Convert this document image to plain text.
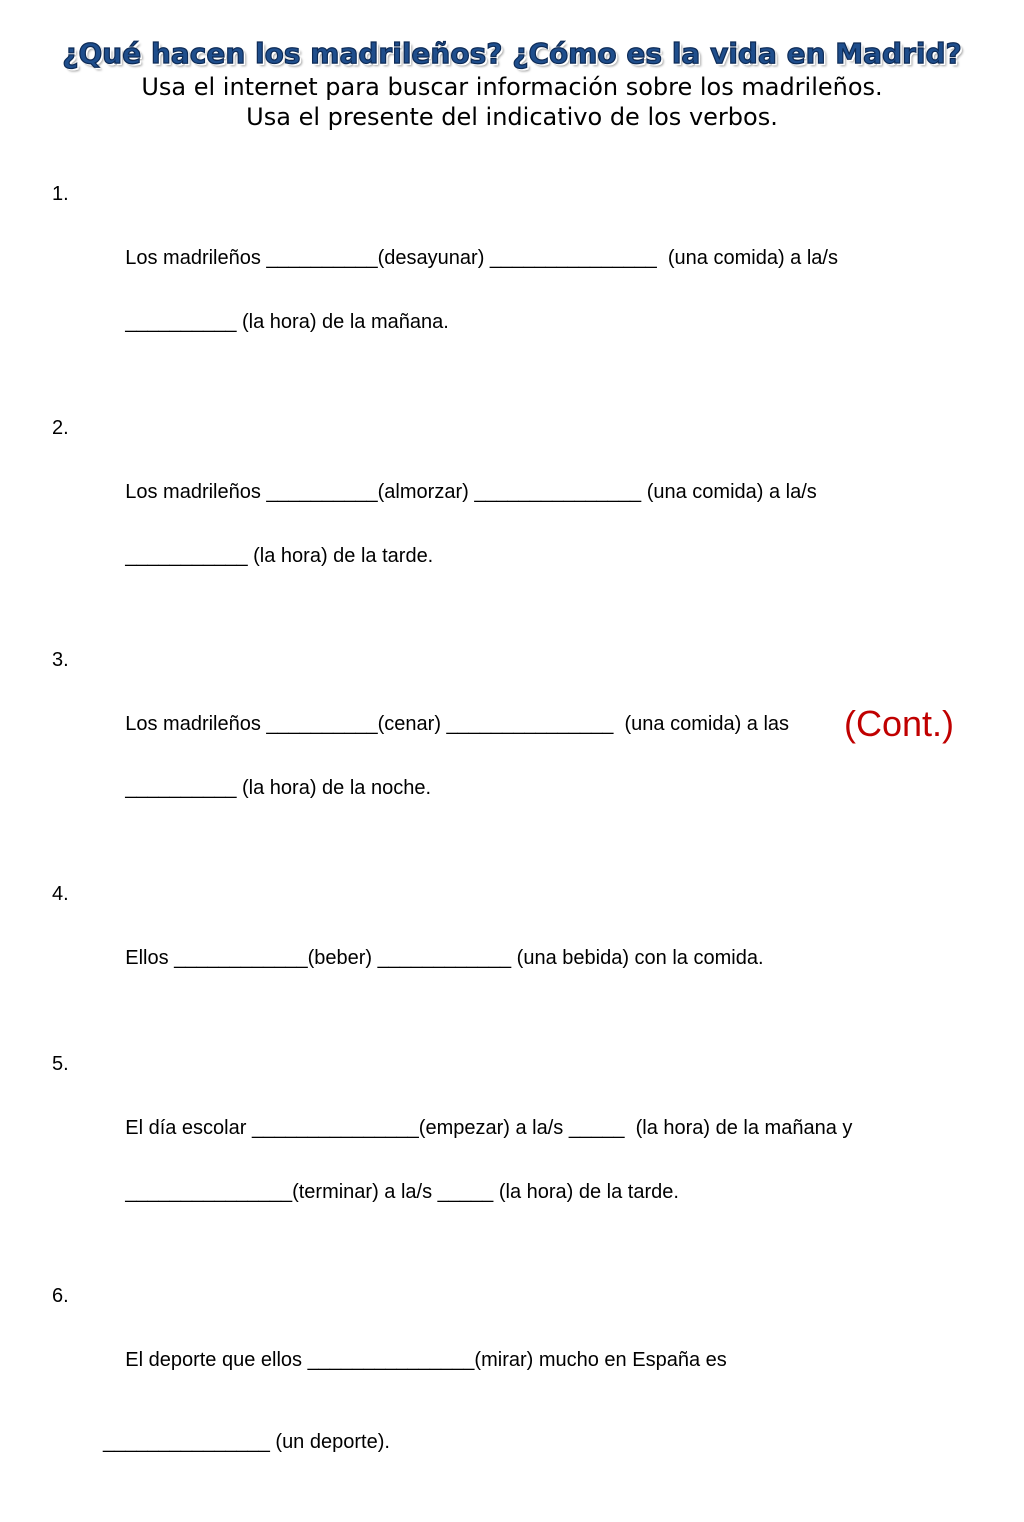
¿Qué hacen los madrileños? ¿Cómo es la vida en Madrid?
Usa el internet para buscar información sobre los madrileños.
Usa el presente del indicativo de los verbos.

1.

Los madrileños __________(desayunar) _______________  (una comida) a la/s

__________ (la hora) de la mañana.

2.

Los madrileños __________(almorzar) _______________ (una comida) a la/s

___________ (la hora) de la tarde.

3.

Los madrileños __________(cenar) _______________  (una comida) a las

__________ (la hora) de la noche.

4.

Ellos ____________(beber) ____________ (una bebida) con la comida.

5.

El día escolar _______________(empezar) a la/s _____  (la hora) de la mañana y

_______________(terminar) a la/s _____ (la hora) de la tarde.

6.

El deporte que ellos _______________(mirar) mucho en España es

_______________ (un deporte).

(Cont.)
